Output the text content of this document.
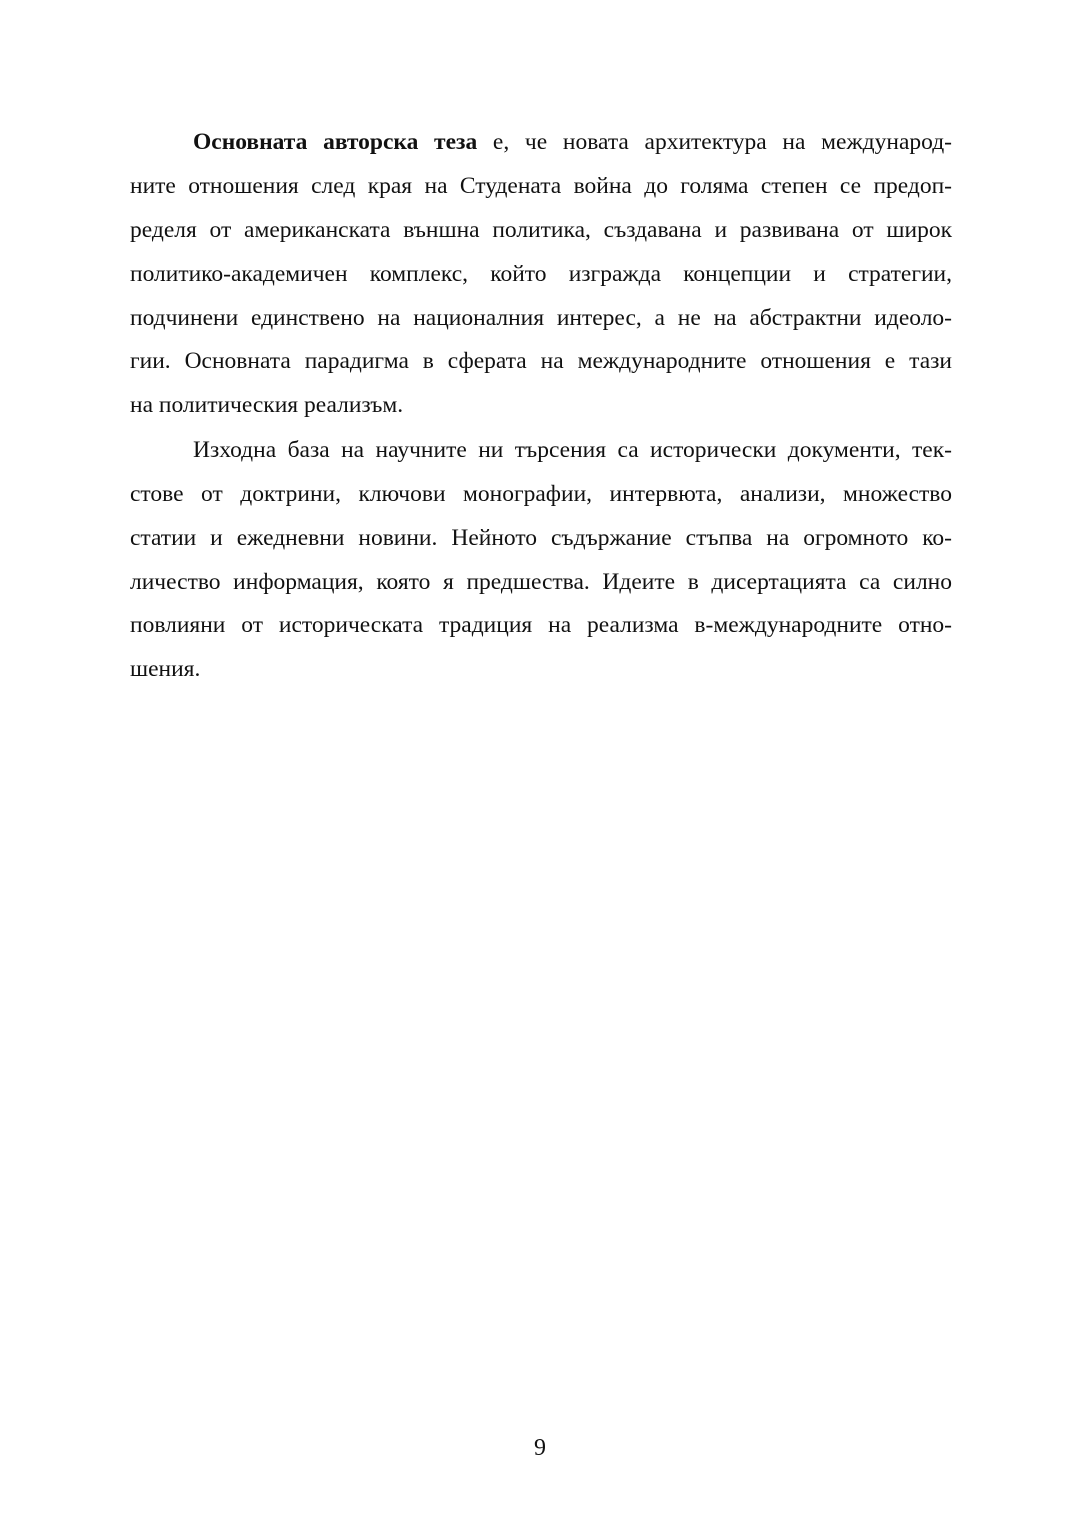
Основната авторска теза е, че новата архитектура на международ-
ните отношения след края на Студената война до голяма степен се предоп-
ределя от американската външна политика, създавана и развивана от широк
политико-академичен комплекс, който изгражда концепции и стратегии,
подчинени единствено на националния интерес, а не на абстрактни идеоло-
гии. Основната парадигма в сферата на международните отношения е тази
на политическия реализъм.
Изходна база на научните ни търсения са исторически документи, тек-
стове от доктрини, ключови монографии, интервюта, анализи, множество
статии и ежедневни новини. Нейното съдържание стъпва на огромното ко-
личество информация, която я предшества. Идеите в дисертацията са силно
повлияни от историческата традиция на реализма в-международните отно-
шения.
9
